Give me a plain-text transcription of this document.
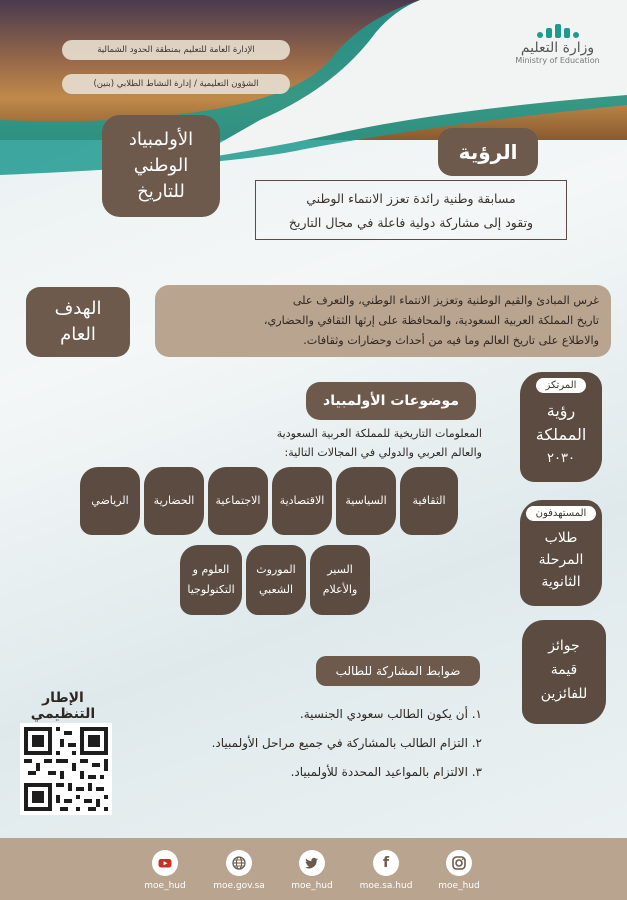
وزارة التعليم
Ministry of Education
الإدارة العامة للتعليم بمنطقة الحدود الشمالية
الشؤون التعليمية / إدارة النشاط الطلابي (بنين)
الأولمبياد
الوطني
للتاريخ
الرؤية
مسابقة وطنية رائدة تعزز الانتماء الوطني
وتقود إلى مشاركة دولية فاعلة في مجال التاريخ
الهدف
العام
غرس المبادئ والقيم الوطنية وتعزيز الانتماء الوطني، والتعرف على
تاريخ المملكة العربية السعودية، والمحافظة على إرثها الثقافي والحضاري،
والاطلاع على تاريخ العالم وما فيه من أحداث وحضارات وثقافات.
المرتكز
رؤية
المملكة
٢٠٣٠
المستهدفون
طلاب
المرحلة
الثانوية
جوائز
قيمة
للفائزين
موضوعات الأولمبياد
المعلومات التاريخية للمملكة العربية السعودية
والعالم العربي والدولي في المجالات التالية:
الثقافية
السياسية
الاقتصادية
الاجتماعية
الحضارية
الرياضي
السير
والأعلام
الموروث
الشعبي
العلوم و
التكنولوجيا
ضوابط المشاركة للطالب
١. أن يكون الطالب سعودي الجنسية.
٢. التزام الطالب بالمشاركة في جميع مراحل الأولمبياد.
٣. الالتزام بالمواعيد المحددة للأولمبياد.
الإطار التنظيمي
moe_hud
f
moe.sa.hud
moe_hud
moe.gov.sa
moe_hud
